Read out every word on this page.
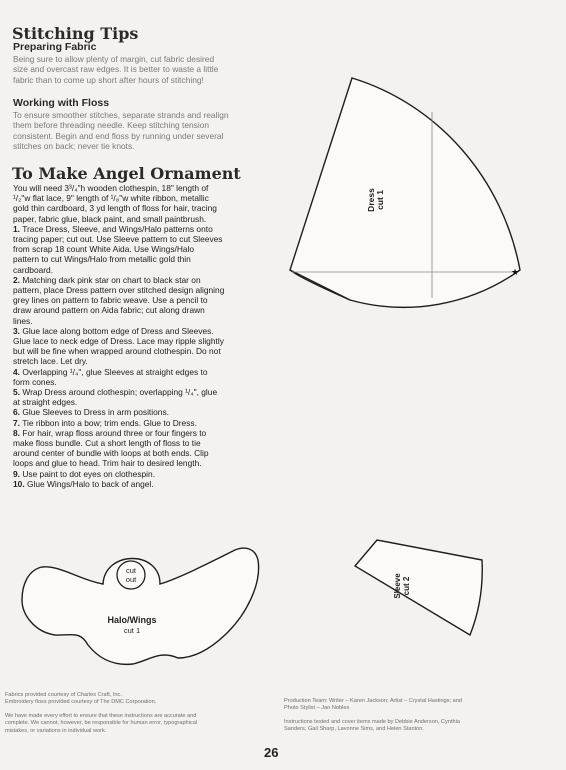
Stitching Tips
Preparing Fabric
Being sure to allow plenty of margin, cut fabric desired
size and overcast raw edges. It is better to waste a little
fabric than to come up short after hours of stitching!
Working with Floss
To ensure smoother stitches, separate strands and realign
them before threading needle. Keep stitching tension
consistent. Begin and end floss by running under several
stitches on back; never tie knots.
To Make Angel Ornament
You will need 3³/₄"h wooden clothespin, 18" length of
¹/₂"w flat lace, 9" length of ¹/₈"w white ribbon, metallic
gold thin cardboard, 3 yd length of floss for hair, tracing
paper, fabric glue, black paint, and small paintbrush.
1. Trace Dress, Sleeve, and Wings/Halo patterns onto
tracing paper; cut out. Use Sleeve pattern to cut Sleeves
from scrap 18 count White Aida. Use Wings/Halo
pattern to cut Wings/Halo from metallic gold thin
cardboard.
2. Matching dark pink star on chart to black star on
pattern, place Dress pattern over stitched design aligning
grey lines on pattern to fabric weave. Use a pencil to
draw around pattern on Aida fabric; cut along drawn
lines.
3. Glue lace along bottom edge of Dress and Sleeves.
Glue lace to neck edge of Dress. Lace may ripple slightly
but will be fine when wrapped around clothespin. Do not
stretch lace. Let dry.
4. Overlapping ¹/₄", glue Sleeves at straight edges to
form cones.
5. Wrap Dress around clothespin; overlapping ¹/₄", glue
at straight edges.
6. Glue Sleeves to Dress in arm positions.
7. Tie ribbon into a bow; trim ends. Glue to Dress.
8. For hair, wrap floss around three or four fingers to
make floss bundle. Cut a short length of floss to tie
around center of bundle with loops at both ends. Clip
loops and glue to head. Trim hair to desired length.
9. Use paint to dot eyes on clothespin.
10. Glue Wings/Halo to back of angel.
★
Dress cut 1
Sleeve cut 2
cut
out
Halo/Wings
cut 1
Fabrics provided courtesy of Charles Craft, Inc.
Embroidery floss provided courtesy of The DMC Corporation.
We have made every effort to ensure that these instructions are accurate and
complete. We cannot, however, be responsible for human error, typographical
mistakes, or variations in individual work.
Production Team: Writer – Karen Jackson; Artist – Crystal Hastings; and
Photo Stylist – Jan Nobles
Instructions tested and cover items made by Debbie Anderson, Cynthia
Sanders, Gail Sharp, Lavonne Sims, and Helen Stanton.
26
